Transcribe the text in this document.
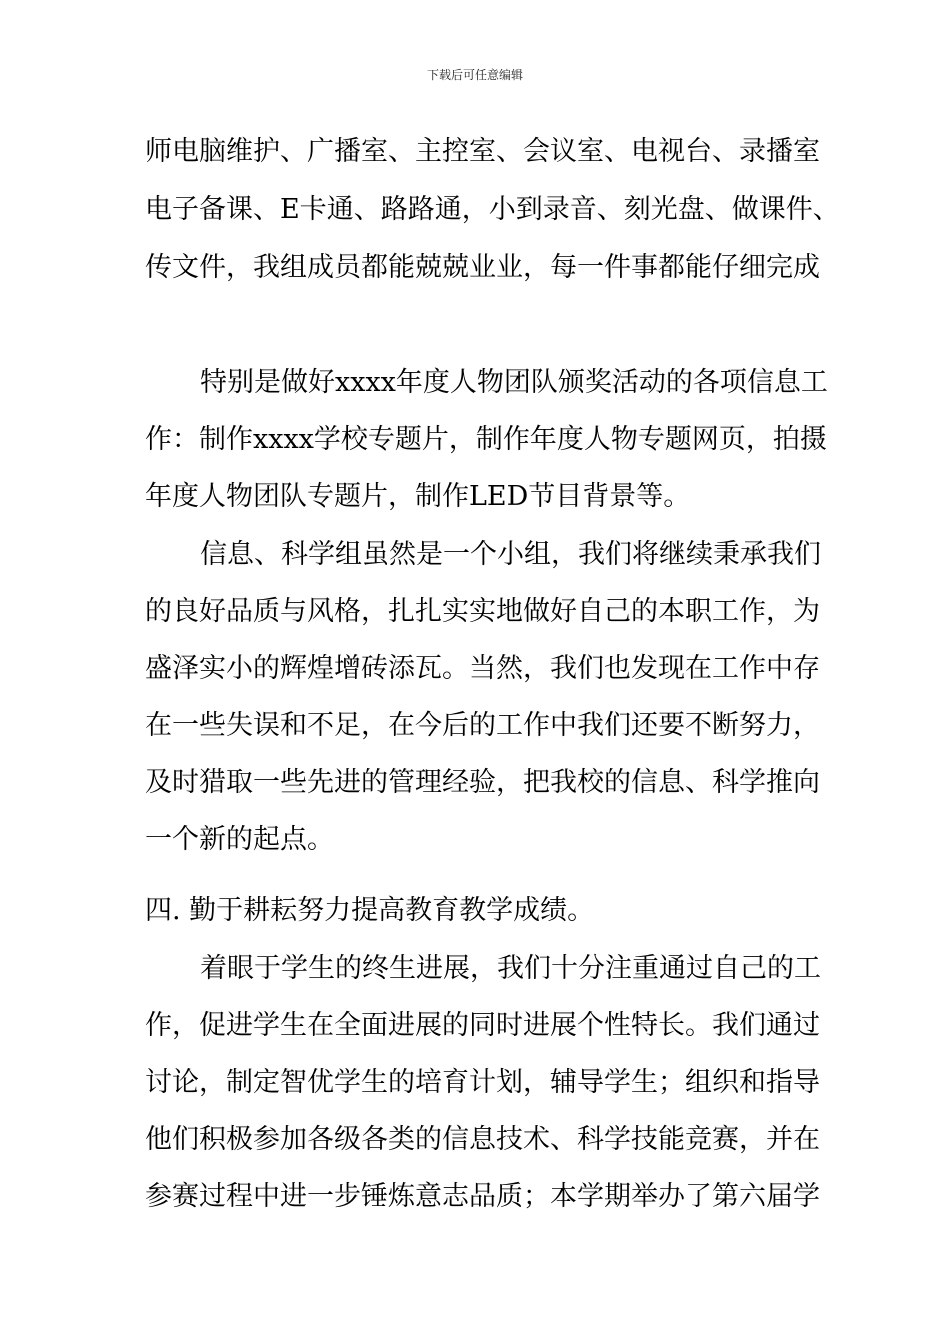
下载后可任意编辑
师电脑维护、广播室、主控室、会议室、电视台、录播室
电子备课、E卡通、路路通，小到录音、刻光盘、做课件、
传文件，我组成员都能兢兢业业，每一件事都能仔细完成
特别是做好xxxx年度人物团队颁奖活动的各项信息工
作：制作xxxx学校专题片，制作年度人物专题网页，拍摄
年度人物团队专题片，制作LED节目背景等。
信息、科学组虽然是一个小组，我们将继续秉承我们
的良好品质与风格，扎扎实实地做好自己的本职工作，为
盛泽实小的辉煌增砖添瓦。当然，我们也发现在工作中存
在一些失误和不足，在今后的工作中我们还要不断努力，
及时猎取一些先进的管理经验，把我校的信息、科学推向
一个新的起点。
四. 勤于耕耘努力提高教育教学成绩。
着眼于学生的终生进展，我们十分注重通过自己的工
作，促进学生在全面进展的同时进展个性特长。我们通过
讨论，制定智优学生的培育计划，辅导学生；组织和指导
他们积极参加各级各类的信息技术、科学技能竞赛，并在
参赛过程中进一步锤炼意志品质；本学期举办了第六届学
